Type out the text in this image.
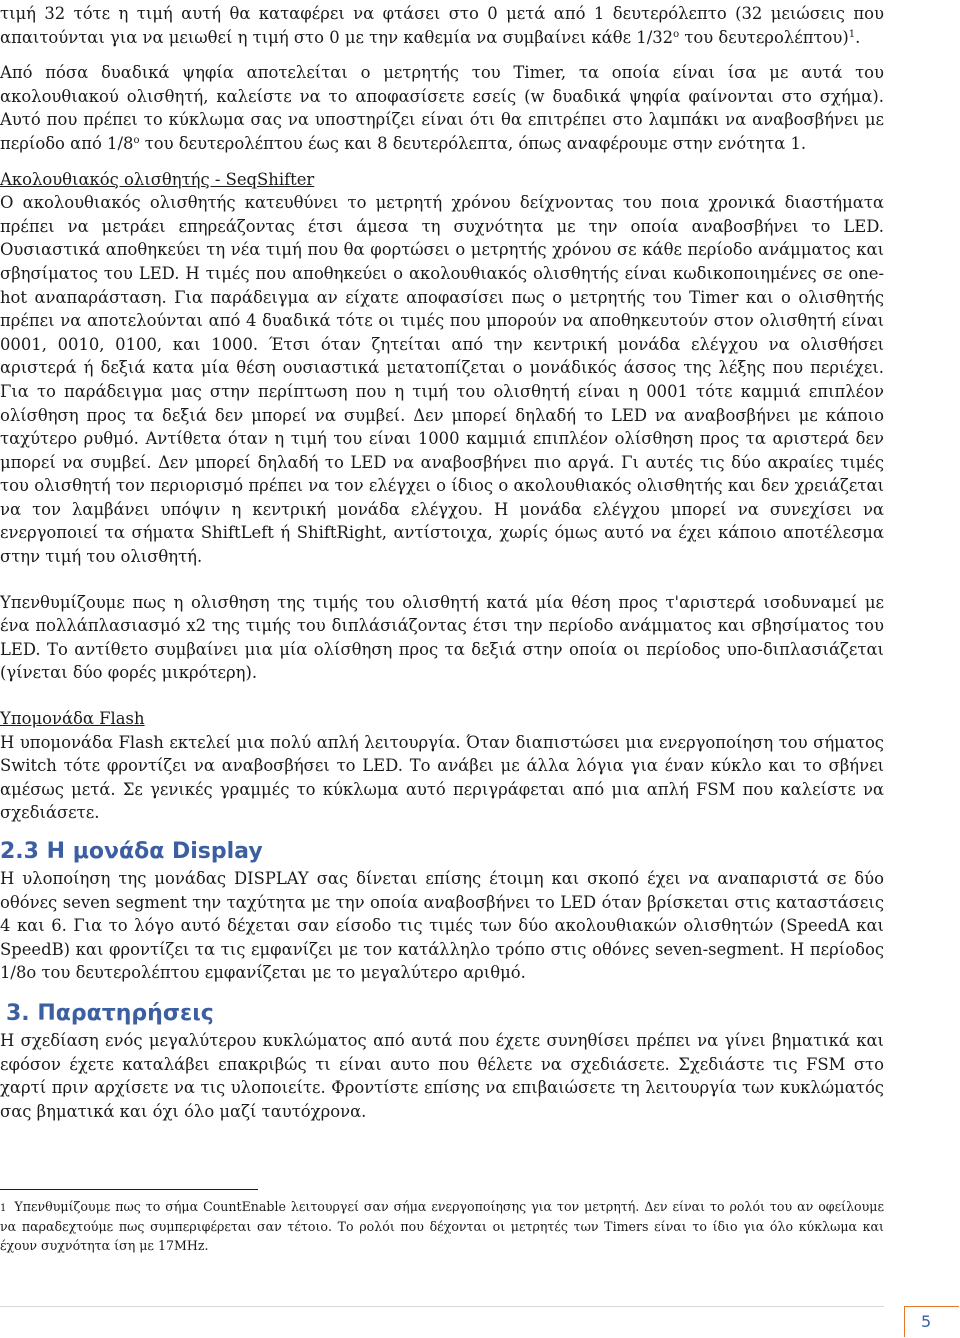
τιμή 32 τότε η τιμή αυτή θα καταφέρει να φτάσει στο 0 μετά από 1 δευτερόλεπτο (32 μειώσεις που απαιτούνται για να μειωθεί η τιμή στο 0 με την καθεμία να συμβαίνει κάθε $1/32^o$ του δευτερολέπτου)$^1$.

Από πόσα δυαδικά ψηφία αποτελείται ο μετρητής του Timer, τα οποία είναι ίσα με αυτά του ακολουθιακού ολισθητή, καλείστε να το αποφασίσετε εσείς (w δυαδικά ψηφία φαίνονται στο σχήμα). Αυτό που πρέπει το κύκλωμα σας να υποστηρίζει είναι ότι θα επιτρέπει στο λαμπάκι να αναβοσβήνει με περίοδο από $1/8^o$ του δευτερολέπτου έως και 8 δευτερόλεπτα, όπως αναφέρουμε στην ενότητα 1.

Ακολουθιακός ολισθητής - SeqShifter

Ο ακολουθιακός ολισθητής κατευθύνει το μετρητή χρόνου δείχνοντας του ποια χρονικά διαστήματα πρέπει να μετράει επηρεάζοντας έτσι άμεσα τη συχνότητα με την οποία αναβοσβήνει το LED. Ουσιαστικά αποθηκεύει τη νέα τιμή που θα φορτώσει ο μετρητής χρόνου σε κάθε περίοδο ανάμματος και σβησίματος του LED. Η τιμές που αποθηκεύει ο ακολουθιακός ολισθητής είναι κωδικοποιημένες σε one-hot αναπαράσταση. Για παράδειγμα αν είχατε αποφασίσει πως ο μετρητής του Timer και ο ολισθητής πρέπει να αποτελούνται από 4 δυαδικά τότε οι τιμές που μπορούν να αποθηκευτούν στον ολισθητή είναι 0001, 0010, 0100, και 1000. Έτσι όταν ζητείται από την κεντρική μονάδα ελέγχου να ολισθήσει αριστερά ή δεξιά κατα μία θέση ουσιαστικά μετατοπίζεται ο μονάδικός άσσος της λέξης που περιέχει. Για το παράδειγμα μας στην περίπτωση που η τιμή του ολισθητή είναι η 0001 τότε καμμιά επιπλέον ολίσθηση προς τα δεξιά δεν μπορεί να συμβεί. Δεν μπορεί δηλαδή το LED να αναβοσβήνει με κάποιο ταχύτερο ρυθμό. Αντίθετα όταν η τιμή του είναι 1000 καμμιά επιπλέον ολίσθηση προς τα αριστερά δεν μπορεί να συμβεί. Δεν μπορεί δηλαδή το LED να αναβοσβήνει πιο αργά. Γι αυτές τις δύο ακραίες τιμές του ολισθητή τον περιορισμό πρέπει να τον ελέγχει ο ίδιος ο ακολουθιακός ολισθητής και δεν χρειάζεται να τον λαμβάνει υπόψιν η κεντρική μονάδα ελέγχου. Η μονάδα ελέγχου μπορεί να συνεχίσει να ενεργοποιεί τα σήματα ShiftLeft ή ShiftRight, αντίστοιχα, χωρίς όμως αυτό να έχει κάποιο αποτέλεσμα στην τιμή του ολισθητή.

Υπενθυμίζουμε πως η ολισθηση της τιμής του ολισθητή κατά μία θέση προς τ'αριστερά ισοδυναμεί με ένα πολλάπλασιασμό x2 της τιμής του διπλάσιάζοντας έτσι την περίοδο ανάμματος και σβησίματος του LED. Το αντίθετο συμβαίνει μια μία ολίσθηση προς τα δεξιά στην οποία οι περίοδος υπο-διπλασιάζεται (γίνεται δύο φορές μικρότερη).

Υπομονάδα Flash

Η υπομονάδα Flash εκτελεί μια πολύ απλή λειτουργία. Όταν διαπιστώσει μια ενεργοποίηση του σήματος Switch τότε φροντίζει να αναβοσβήσει το LED. Το ανάβει με άλλα λόγια για έναν κύκλο και το σβήνει αμέσως μετά. Σε γενικές γραμμές το κύκλωμα αυτό περιγράφεται από μια απλή FSM που καλείστε να σχεδιάσετε.

2.3 Η μονάδα Display

Η υλοποίηση της μονάδας DISPLAY σας δίνεται επίσης έτοιμη και σκοπό έχει να αναπαριστά σε δύο οθόνες seven segment την ταχύτητα με την οποία αναβοσβήνει το LED όταν βρίσκεται στις καταστάσεις 4 και 6. Για το λόγο αυτό δέχεται σαν είσοδο τις τιμές των δύο ακολουθιακών ολισθητών (SpeedA και SpeedB) και φροντίζει τα τις εμφανίζει με τον κατάλληλο τρόπο στις οθόνες seven-segment. Η περίοδος 1/8ο του δευτερολέπτου εμφανίζεται με το μεγαλύτερο αριθμό.

3. Παρατηρήσεις

Η σχεδίαση ενός μεγαλύτερου κυκλώματος από αυτά που έχετε συνηθίσει πρέπει να γίνει βηματικά και εφόσον έχετε καταλάβει επακριβώς τι είναι αυτο που θέλετε να σχεδιάσετε. Σχεδιάστε τις FSM στο χαρτί πριν αρχίσετε να τις υλοποιείτε. Φροντίστε επίσης να επιβαιώσετε τη λειτουργία των κυκλώματός σας βηματικά και όχι όλο μαζί ταυτόχρονα.

1 Υπενθυμίζουμε πως το σήμα CountEnable λειτουργεί σαν σήμα ενεργοποίησης για τον μετρητή. Δεν είναι το ρολόι του αν οφείλουμε να παραδεχτούμε πως συμπεριφέρεται σαν τέτοιο. Το ρολόι που δέχονται οι μετρητές των Timers είναι το ίδιο για όλο κύκλωμα και έχουν συχνότητα ίση με 17MHz.
5
